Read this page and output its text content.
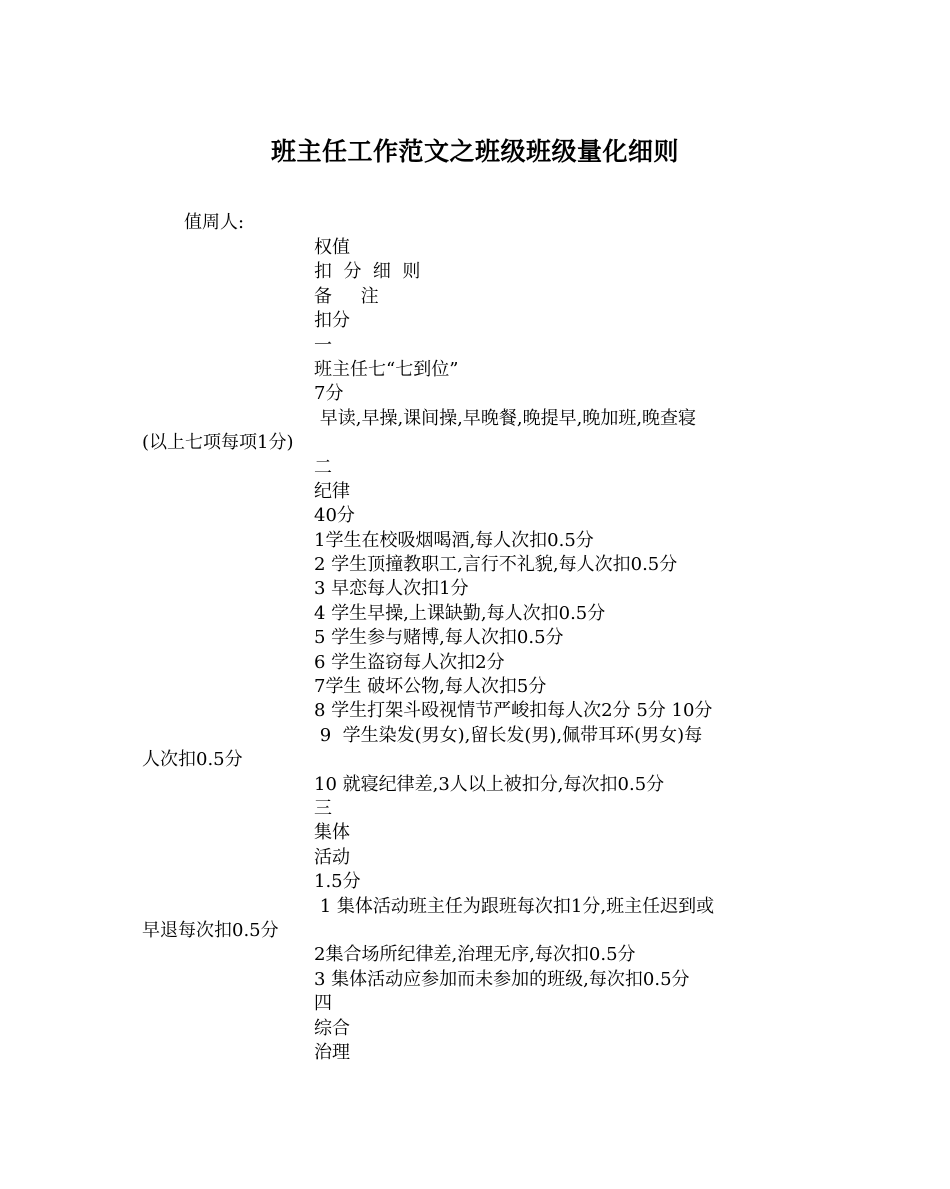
班主任工作范文之班级班级量化细则
值周人:
权值
扣  分  细  则
备     注
扣分
一
班主任七“七到位”
7分
早读,早操,课间操,早晚餐,晚提早,晚加班,晚查寝
(以上七项每项1分)
二
纪律
40分
1学生在校吸烟喝酒,每人次扣0.5分
2 学生顶撞教职工,言行不礼貌,每人次扣0.5分
3 早恋每人次扣1分
4 学生早操,上课缺勤,每人次扣0.5分
5 学生参与赌博,每人次扣0.5分
6 学生盗窃每人次扣2分
7学生 破坏公物,每人次扣5分
8 学生打架斗殴视情节严峻扣每人次2分 5分 10分
9  学生染发(男女),留长发(男),佩带耳环(男女)每
人次扣0.5分
10 就寝纪律差,3人以上被扣分,每次扣0.5分
三
集体
活动
1.5分
1 集体活动班主任为跟班每次扣1分,班主任迟到或
早退每次扣0.5分
2集合场所纪律差,治理无序,每次扣0.5分
3 集体活动应参加而未参加的班级,每次扣0.5分
四
综合
治理
